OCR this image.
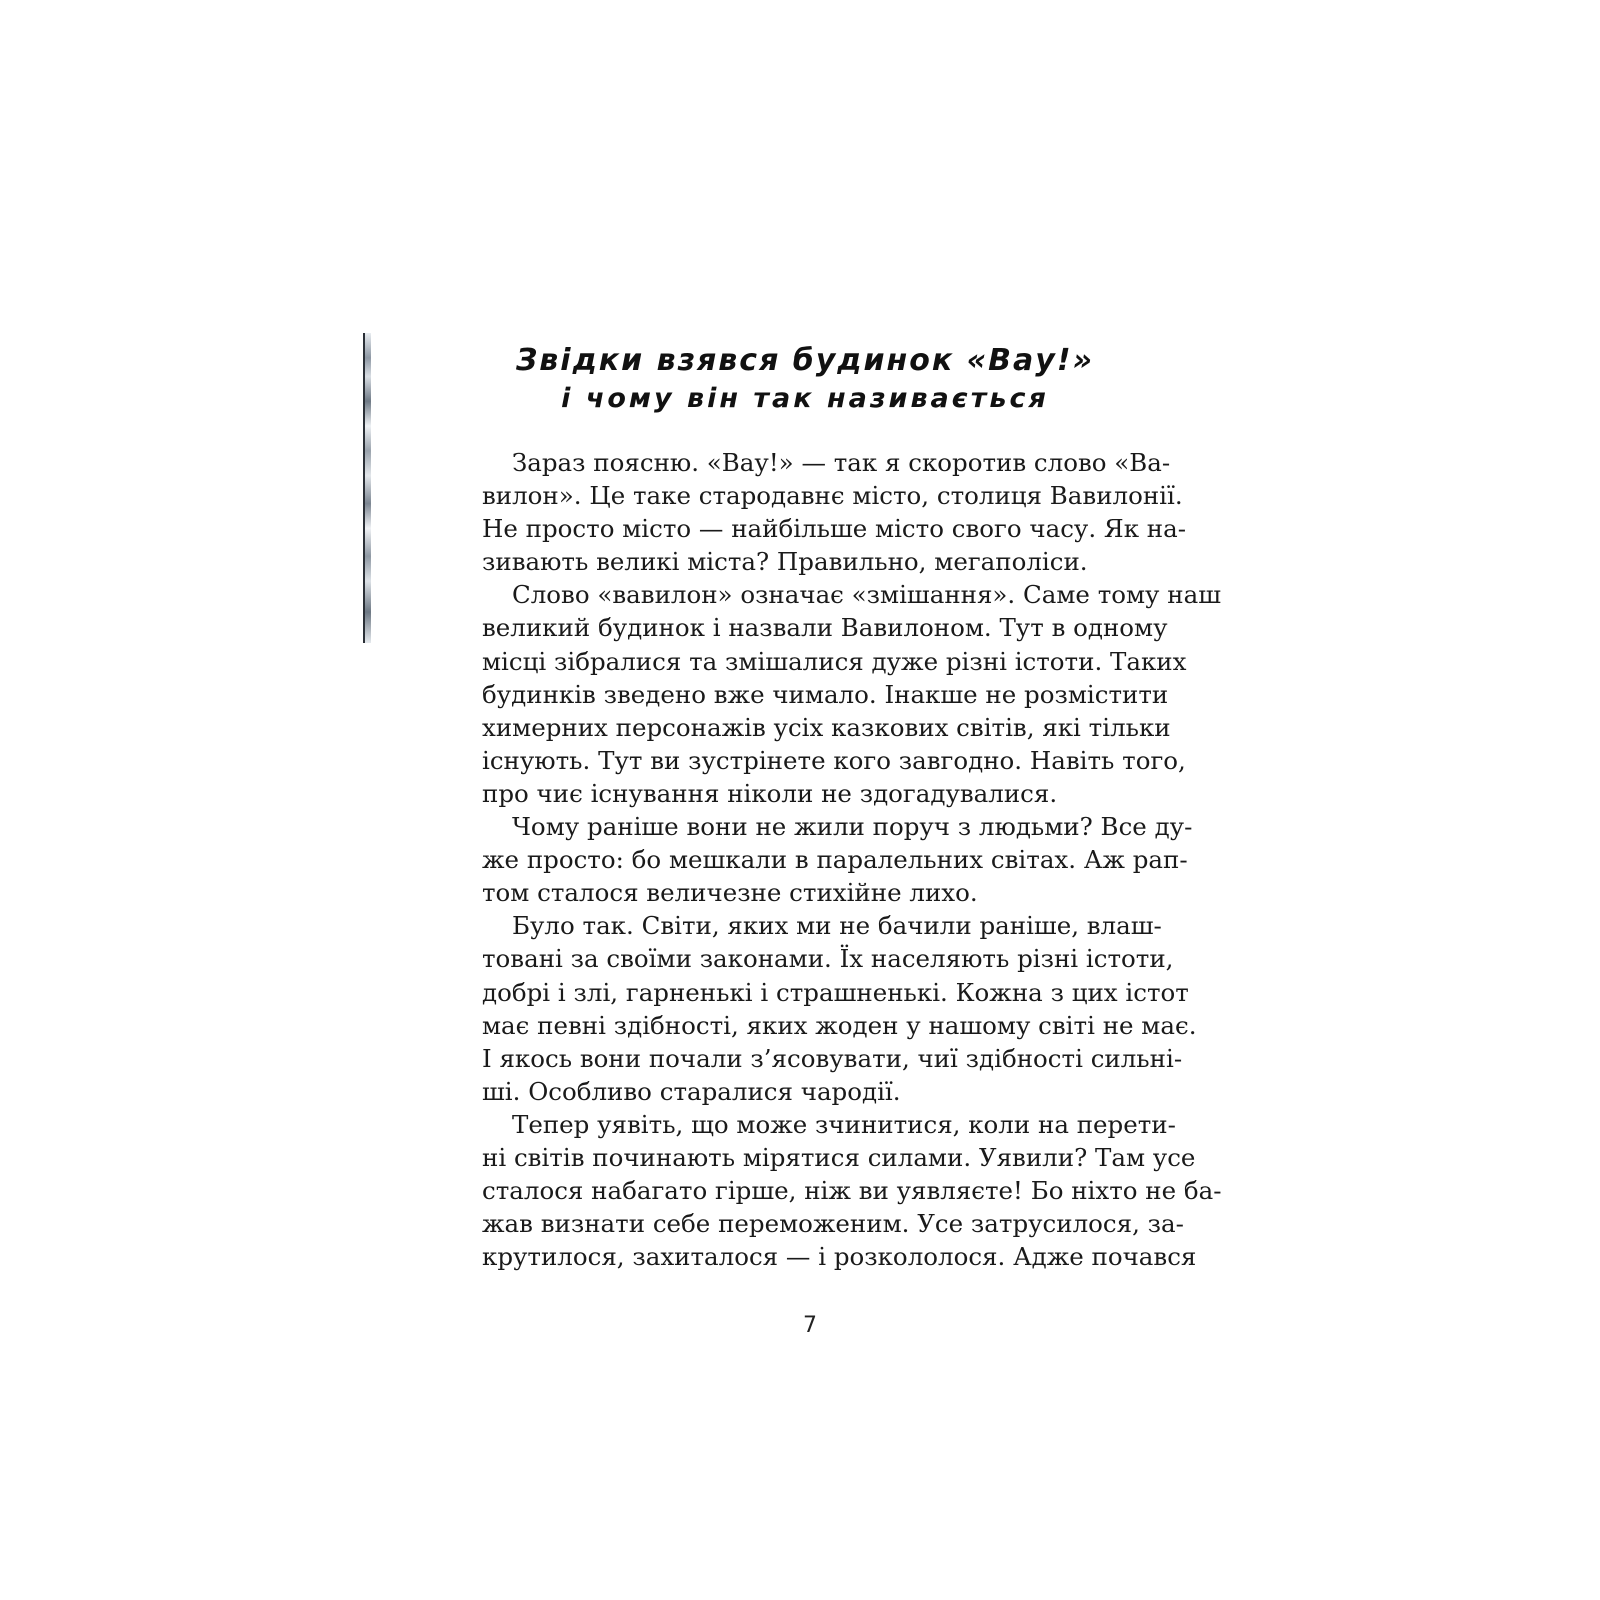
Звідки взявся будинок «Вау!»
і чому він так називається
Зараз поясню. «Вау!» — так я скоротив слово «Ва-
вилон». Це таке стародавнє місто, столиця Вавилонії.
Не просто місто — найбільше місто свого часу. Як на-
зивають великі міста? Правильно, мегаполіси.
Слово «вавилон» означає «змішання». Саме тому наш
великий будинок і назвали Вавилоном. Тут в одному
місці зібралися та змішалися дуже різні істоти. Таких
будинків зведено вже чимало. Інакше не розмістити
химерних персонажів усіх казкових світів, які тільки
існують. Тут ви зустрінете кого завгодно. Навіть того,
про чиє існування ніколи не здогадувалися.
Чому раніше вони не жили поруч з людьми? Все ду-
же просто: бо мешкали в паралельних світах. Аж рап-
том сталося величезне стихійне лихо.
Було так. Світи, яких ми не бачили раніше, влаш-
товані за своїми законами. Їх населяють різні істоти,
добрі і злі, гарненькі і страшненькі. Кожна з цих істот
має певні здібності, яких жоден у нашому світі не має.
І якось вони почали з’ясовувати, чиї здібності сильні-
ші. Особливо старалися чародії.
Тепер уявіть, що може зчинитися, коли на перети-
ні світів починають мірятися силами. Уявили? Там усе
сталося набагато гірше, ніж ви уявляєте! Бо ніхто не ба-
жав визнати себе переможеним. Усе затрусилося, за-
крутилося, захиталося — і розкололося. Адже почався
7
